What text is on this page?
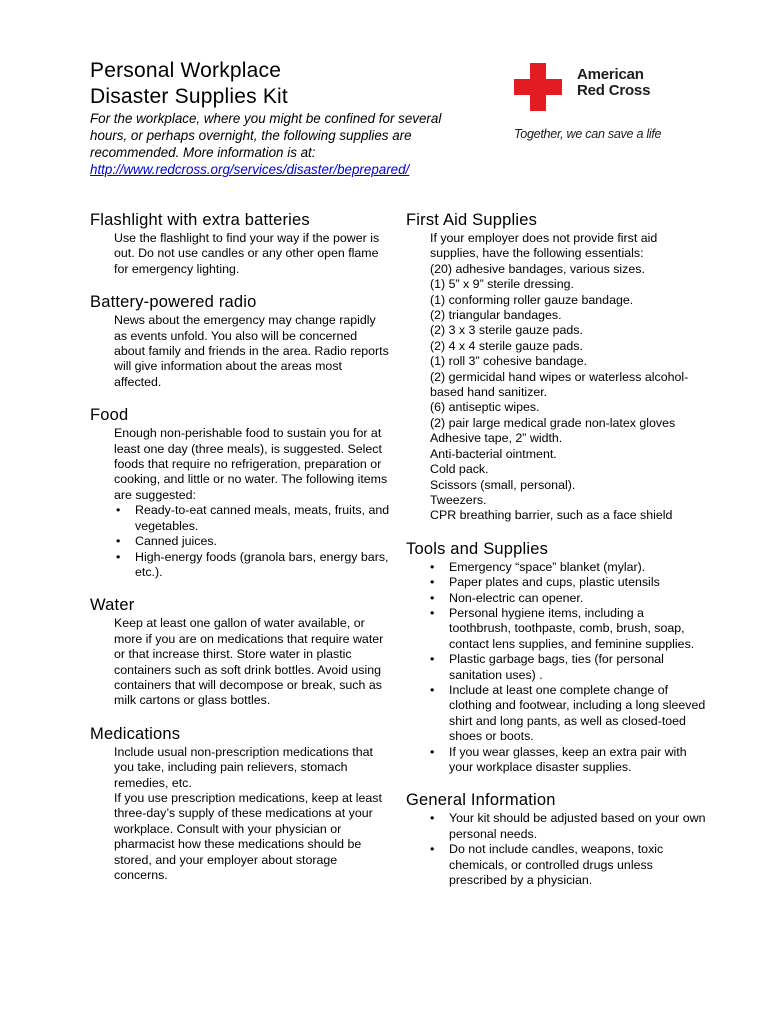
Personal Workplace
Disaster Supplies Kit

For the workplace, where you might be confined for several hours, or perhaps overnight, the following supplies are recommended. More information is at:
http://www.redcross.org/services/disaster/beprepared/

American
Red Cross
Together, we can save a life
Flashlight with extra batteries

Use the flashlight to find your way if the power is out. Do not use candles or any other open flame for emergency lighting.

Battery-powered radio

News about the emergency may change rapidly as events unfold. You also will be concerned about family and friends in the area. Radio reports will give information about the areas most affected.

Food

Enough non-perishable food to sustain you for at least one day (three meals), is suggested. Select foods that require no refrigeration, preparation or cooking, and little or no water. The following items are suggested:

• Ready-to-eat canned meals, meats, fruits, and vegetables.
• Canned juices.
• High-energy foods (granola bars, energy bars, etc.).
Water

Keep at least one gallon of water available, or more if you are on medications that require water or that increase thirst. Store water in plastic containers such as soft drink bottles. Avoid using containers that will decompose or break, such as milk cartons or glass bottles.

Medications

Include usual non-prescription medications that you take, including pain relievers, stomach remedies, etc.

If you use prescription medications, keep at least three-day’s supply of these medications at your workplace. Consult with your physician or pharmacist how these medications should be stored, and your employer about storage concerns.

First Aid Supplies
If your employer does not provide first aid supplies, have the following essentials:
(20) adhesive bandages, various sizes.
(1) 5” x 9” sterile dressing.
(1) conforming roller gauze bandage.
(2) triangular bandages.
(2) 3 x 3 sterile gauze pads.
(2) 4 x 4 sterile gauze pads.
(1) roll 3” cohesive bandage.
(2) germicidal hand wipes or waterless alcohol-based hand sanitizer.
(6) antiseptic wipes.
(2) pair large medical grade non-latex gloves
Adhesive tape, 2” width.
Anti-bacterial ointment.
Cold pack.
Scissors (small, personal).
Tweezers.
CPR breathing barrier, such as a face shield
Tools and Supplies
• Emergency “space” blanket (mylar).
• Paper plates and cups, plastic utensils
• Non-electric can opener.
• Personal hygiene items, including a toothbrush, toothpaste, comb, brush, soap, contact lens supplies, and feminine supplies.
• Plastic garbage bags, ties (for personal sanitation uses) .
• Include at least one complete change of clothing and footwear, including a long sleeved shirt and long pants, as well as closed-toed shoes or boots.
• If you wear glasses, keep an extra pair with your workplace disaster supplies.
General Information
• Your kit should be adjusted based on your own personal needs.
• Do not include candles, weapons, toxic chemicals, or controlled drugs unless prescribed by a physician.
